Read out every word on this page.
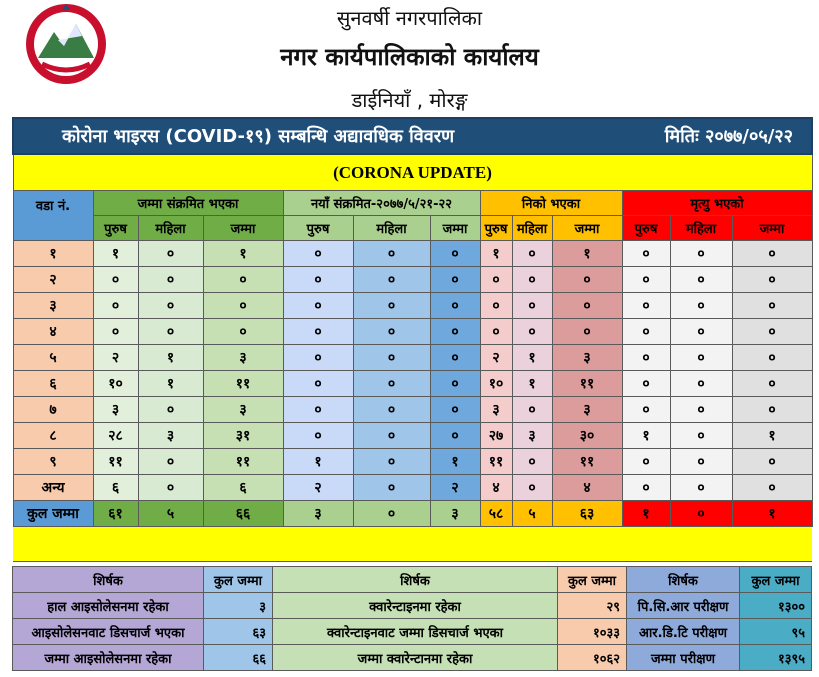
सुनवर्षी नगरपालिका
नगर कार्यपालिकाको कार्यालय
डाईनियाँ , मोरङ्ग
कोरोना भाइरस (COVID-१९) सम्बन्धि अद्यावधिक विवरण मितिः २०७७/०५/२२												

(CORONA UPDATE)												
वडा नं.	जम्मा संक्रमित भएका			नयाँ संक्रमित-२०७७/५/२१-२२			निको भएका			मृत्यु भएको		
	पुरुष	महिला	जम्मा	पुरुष	महिला	जम्मा	पुरुष	महिला	जम्मा	पुरुष	महिला	जम्मा
१	१	०	१	०	०	०	१	०	१	०	०	०
२	०	०	०	०	०	०	०	०	०	०	०	०
३	०	०	०	०	०	०	०	०	०	०	०	०
४	०	०	०	०	०	०	०	०	०	०	०	०
५	२	१	३	०	०	०	२	१	३	०	०	०
६	१०	१	११	०	०	०	१०	१	११	०	०	०
७	३	०	३	०	०	०	३	०	३	०	०	०
८	२८	३	३१	०	०	०	२७	३	३०	१	०	१
९	११	०	११	१	०	१	११	०	११	०	०	०
अन्य	६	०	६	२	०	२	४	०	४	०	०	०
कुल जम्मा	६१	५	६६	३	०	३	५८	५	६३	१	०	१

शिर्षक	कुल जम्मा	शिर्षक	कुल जम्मा	शिर्षक	कुल जम्मा
हाल आइसोलेसनमा रहेका	३	क्वारेन्टाइनमा रहेका	२९	पि.सि.आर परीक्षण	१३००
आइसोलेसनवाट डिसचार्ज भएका	६३	क्वारेन्टाइनवाट जम्मा डिसचार्ज भएका	१०३३	आर.डि.टि परीक्षण	९५
जम्मा आइसोलेसनमा रहेका	६६	जम्मा क्वारेन्टानमा रहेका	१०६२	जम्मा परीक्षण	१३९५
